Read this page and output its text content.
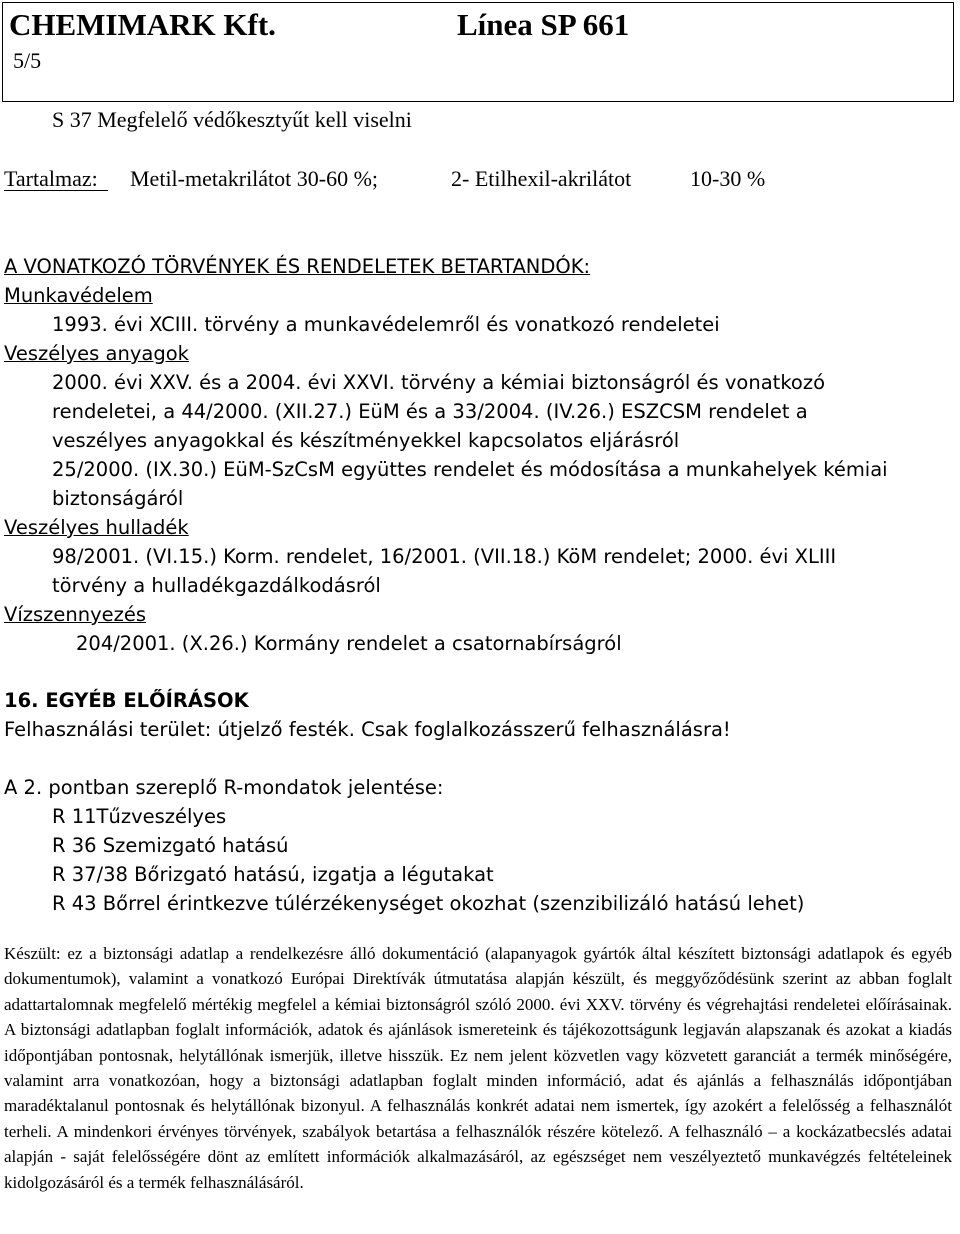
CHEMIMARK Kft.	Línea SP 661
5/5
S 37 Megfelelő védőkesztyűt kell viselni
Tartalmaz: Metil-metakrilátot 30-60 %;	2- Etilhexil-akrilátot	10-30 %
A VONATKOZÓ TÖRVÉNYEK ÉS RENDELETEK BETARTANDÓK:
Munkavédelem
1993. évi XCIII. törvény a munkavédelemről és vonatkozó rendeletei
Veszélyes anyagok
2000. évi XXV. és a 2004. évi XXVI. törvény a kémiai biztonságról és vonatkozó
rendeletei, a 44/2000. (XII.27.) EüM és a 33/2004. (IV.26.) ESZCSM rendelet a
veszélyes anyagokkal és készítményekkel kapcsolatos eljárásról
25/2000. (IX.30.) EüM-SzCsM együttes rendelet és módosítása a munkahelyek kémiai
biztonságáról
Veszélyes hulladék
98/2001. (VI.15.) Korm. rendelet, 16/2001. (VII.18.) KöM rendelet; 2000. évi XLIII
törvény a hulladékgazdálkodásról
Vízszennyezés
204/2001. (X.26.) Kormány rendelet a csatornabírságról
16. EGYÉB ELŐÍRÁSOK
Felhasználási terület: útjelző festék. Csak foglalkozásszerű felhasználásra!
A 2. pontban szereplő R-mondatok jelentése:
R 11Tűzveszélyes
R 36 Szemizgató hatású
R 37/38 Bőrizgató hatású, izgatja a légutakat
R 43 Bőrrel érintkezve túlérzékenységet okozhat (szenzibilizáló hatású lehet)
Készült: ez a biztonsági adatlap a rendelkezésre álló dokumentáció (alapanyagok gyártók által készített biztonsági adatlapok és egyéb dokumentumok), valamint a vonatkozó Európai Direktívák útmutatása alapján készült, és meggyőződésünk szerint az abban foglalt adattartalomnak megfelelő mértékig megfelel a kémiai biztonságról szóló 2000. évi XXV. törvény és végrehajtási rendeletei előírásainak. A biztonsági adatlapban foglalt információk, adatok és ajánlások ismereteink és tájékozottságunk legjaván alapszanak és azokat a kiadás időpontjában pontosnak, helytállónak ismerjük, illetve hisszük. Ez nem jelent közvetlen vagy közvetett garanciát a termék minőségére, valamint arra vonatkozóan, hogy a biztonsági adatlapban foglalt minden információ, adat és ajánlás a felhasználás időpontjában maradéktalanul pontosnak és helytállónak bizonyul. A felhasználás konkrét adatai nem ismertek, így azokért a felelősség a felhasználót terheli. A mindenkori érvényes törvények, szabályok betartása a felhasználók részére kötelező. A felhasználó – a kockázatbecslés adatai alapján - saját felelősségére dönt az említett információk alkalmazásáról, az egészséget nem veszélyeztető munkavégzés feltételeinek kidolgozásáról és a termék felhasználásáról.
